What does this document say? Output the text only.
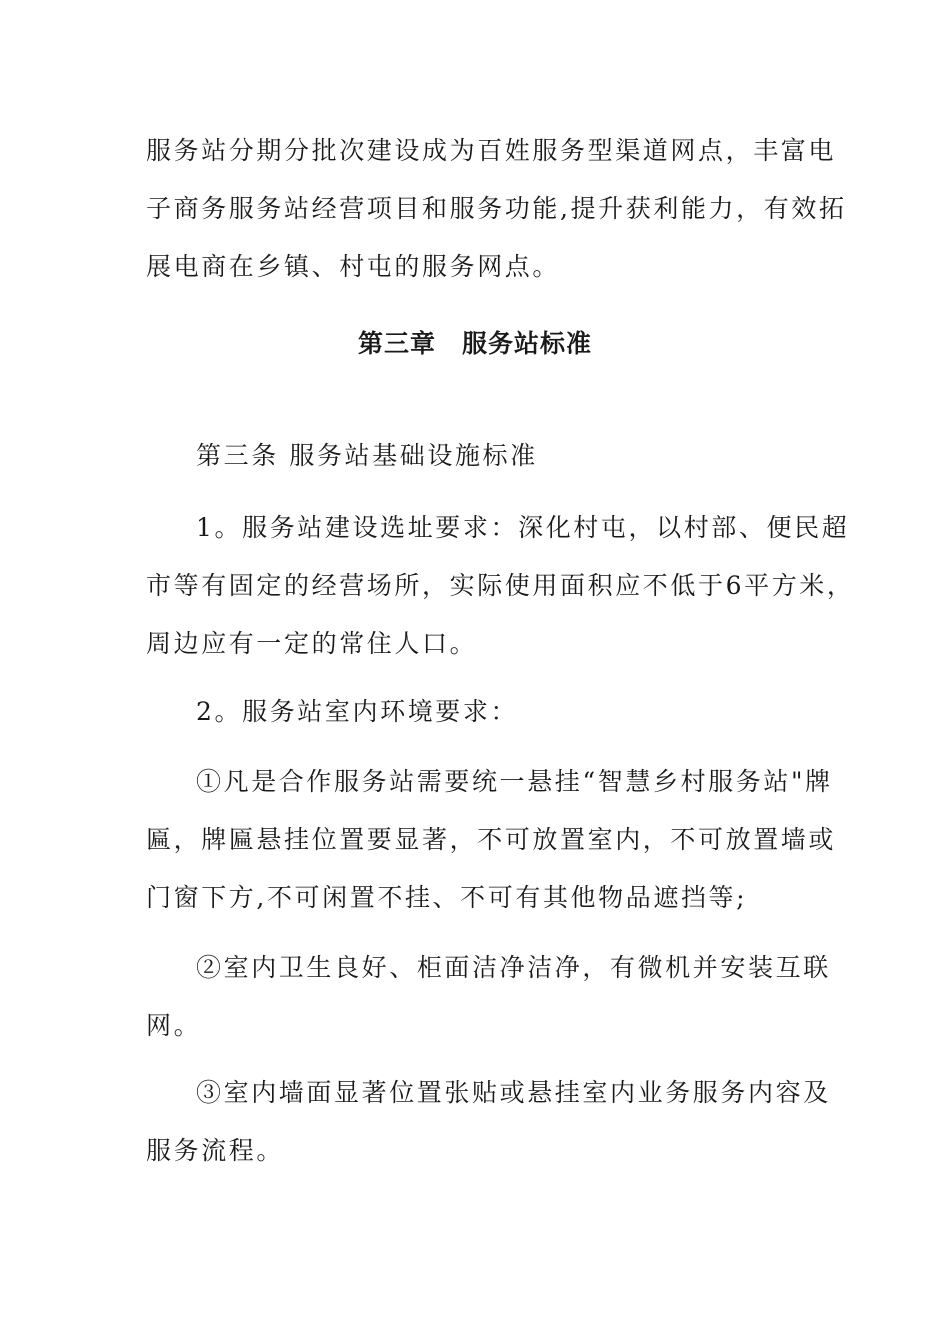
服务站分期分批次建设成为百姓服务型渠道网点，丰富电
子商务服务站经营项目和服务功能,提升获利能力，有效拓
展电商在乡镇、村屯的服务网点。
第三章　服务站标准
第三条 服务站基础设施标准
1。服务站建设选址要求：深化村屯，以村部、便民超
市等有固定的经营场所，实际使用面积应不低于6平方米，
周边应有一定的常住人口。
2。服务站室内环境要求：
①凡是合作服务站需要统一悬挂“智慧乡村服务站"牌
匾，牌匾悬挂位置要显著，不可放置室内，不可放置墙或
门窗下方,不可闲置不挂、不可有其他物品遮挡等;
②室内卫生良好、柜面洁净洁净，有微机并安装互联
网。
③室内墙面显著位置张贴或悬挂室内业务服务内容及
服务流程。
